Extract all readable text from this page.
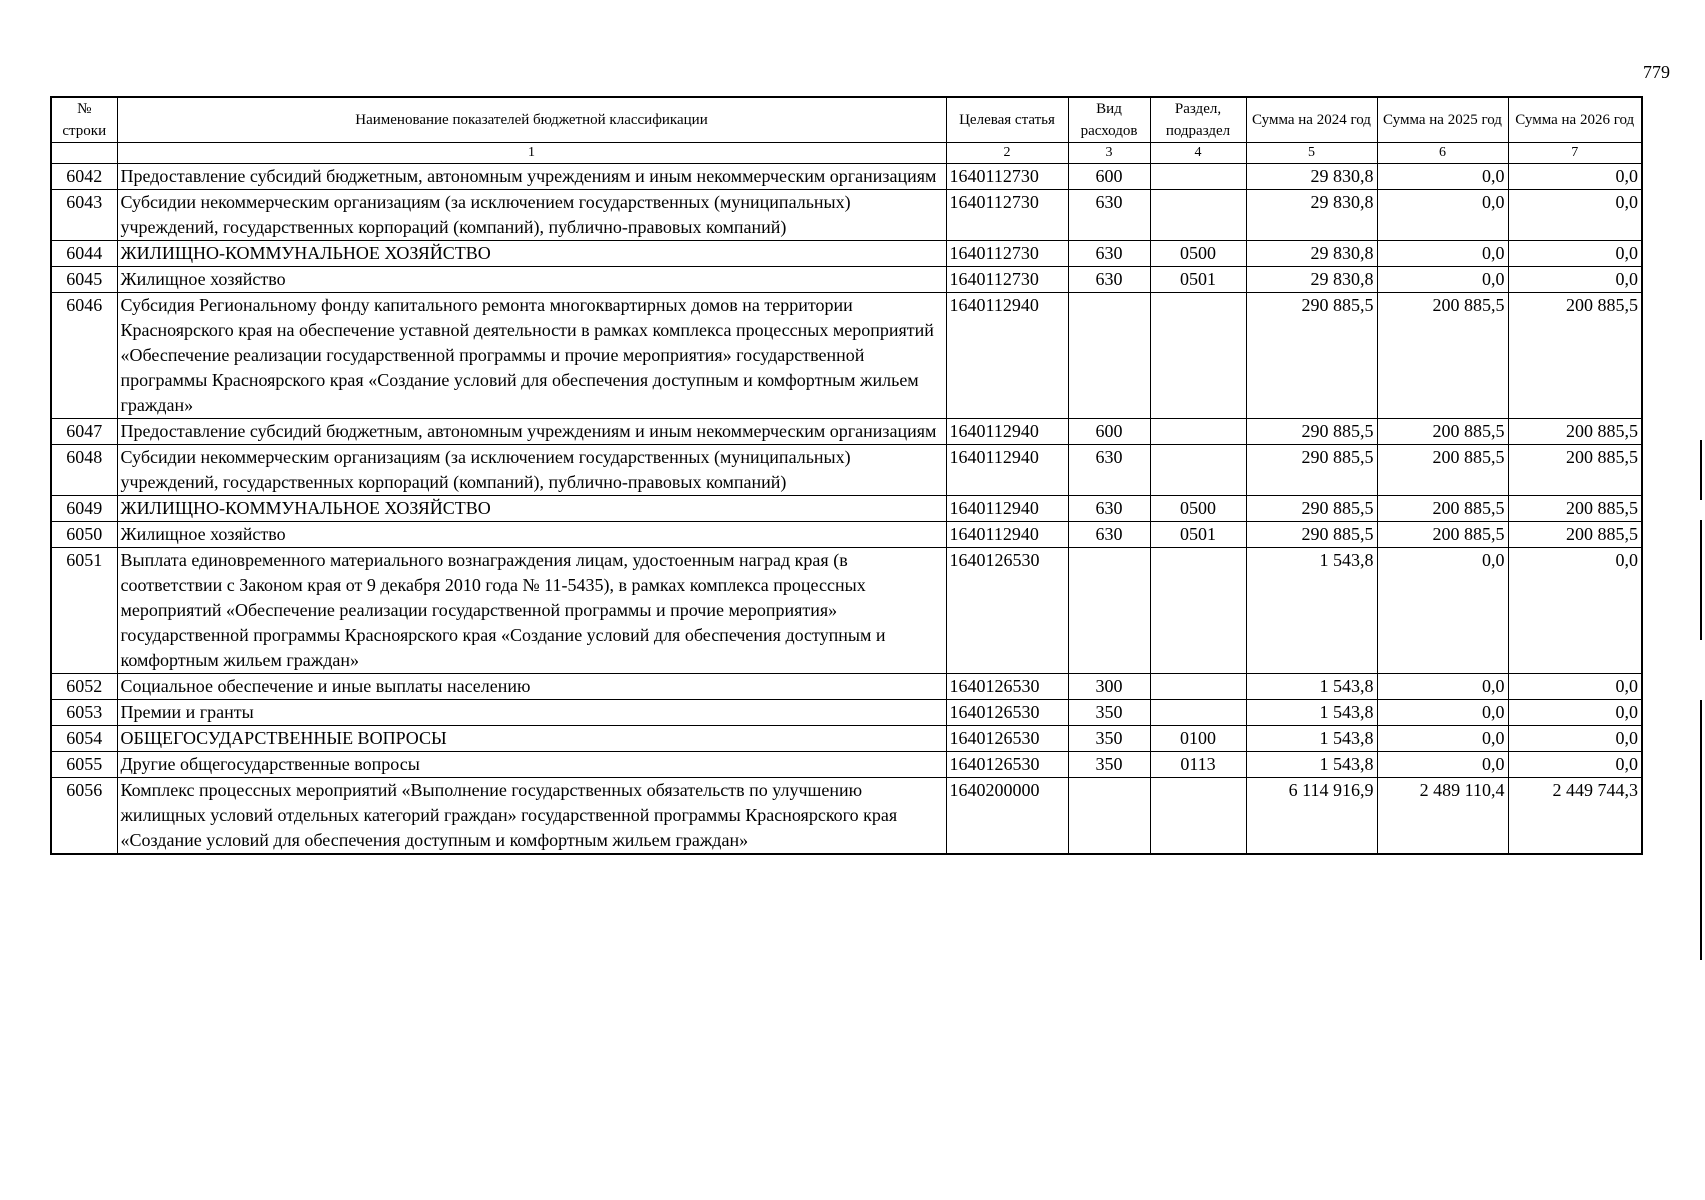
779
№ строки	Наименование показателей бюджетной классификации	Целевая статья	Вид расходов	Раздел, подраздел	Сумма на 2024 год	Сумма на 2025 год	Сумма на 2026 год
	1	2	3	4	5	6	7
6042	Предоставление субсидий бюджетным, автономным учреждениям и иным некоммерческим организациям	1640112730	600		29 830,8	0,0	0,0
6043	Субсидии некоммерческим организациям (за исключением государственных (муниципальных) учреждений, государственных корпораций (компаний), публично-правовых компаний)	1640112730	630		29 830,8	0,0	0,0
6044	ЖИЛИЩНО-КОММУНАЛЬНОЕ ХОЗЯЙСТВО	1640112730	630	0500	29 830,8	0,0	0,0
6045	Жилищное хозяйство	1640112730	630	0501	29 830,8	0,0	0,0
6046	Субсидия Региональному фонду капитального ремонта многоквартирных домов на территории Красноярского края на обеспечение уставной деятельности в рамках комплекса процессных мероприятий «Обеспечение реализации государственной программы и прочие мероприятия» государственной программы Красноярского края «Создание условий для обеспечения доступным и комфортным жильем граждан»	1640112940			290 885,5	200 885,5	200 885,5
6047	Предоставление субсидий бюджетным, автономным учреждениям и иным некоммерческим организациям	1640112940	600		290 885,5	200 885,5	200 885,5
6048	Субсидии некоммерческим организациям (за исключением государственных (муниципальных) учреждений, государственных корпораций (компаний), публично-правовых компаний)	1640112940	630		290 885,5	200 885,5	200 885,5
6049	ЖИЛИЩНО-КОММУНАЛЬНОЕ ХОЗЯЙСТВО	1640112940	630	0500	290 885,5	200 885,5	200 885,5
6050	Жилищное хозяйство	1640112940	630	0501	290 885,5	200 885,5	200 885,5
6051	Выплата единовременного материального вознаграждения лицам, удостоенным наград края (в соответствии с Законом края от 9 декабря 2010 года № 11-5435), в рамках комплекса процессных мероприятий «Обеспечение реализации государственной программы и прочие мероприятия» государственной программы Красноярского края «Создание условий для обеспечения доступным и комфортным жильем граждан»	1640126530			1 543,8	0,0	0,0
6052	Социальное обеспечение и иные выплаты населению	1640126530	300		1 543,8	0,0	0,0
6053	Премии и гранты	1640126530	350		1 543,8	0,0	0,0
6054	ОБЩЕГОСУДАРСТВЕННЫЕ ВОПРОСЫ	1640126530	350	0100	1 543,8	0,0	0,0
6055	Другие общегосударственные вопросы	1640126530	350	0113	1 543,8	0,0	0,0
6056	Комплекс процессных мероприятий «Выполнение государственных обязательств по улучшению жилищных условий отдельных категорий граждан» государственной программы Красноярского края «Создание условий для обеспечения доступным и комфортным жильем граждан»	1640200000			6 114 916,9	2 489 110,4	2 449 744,3
